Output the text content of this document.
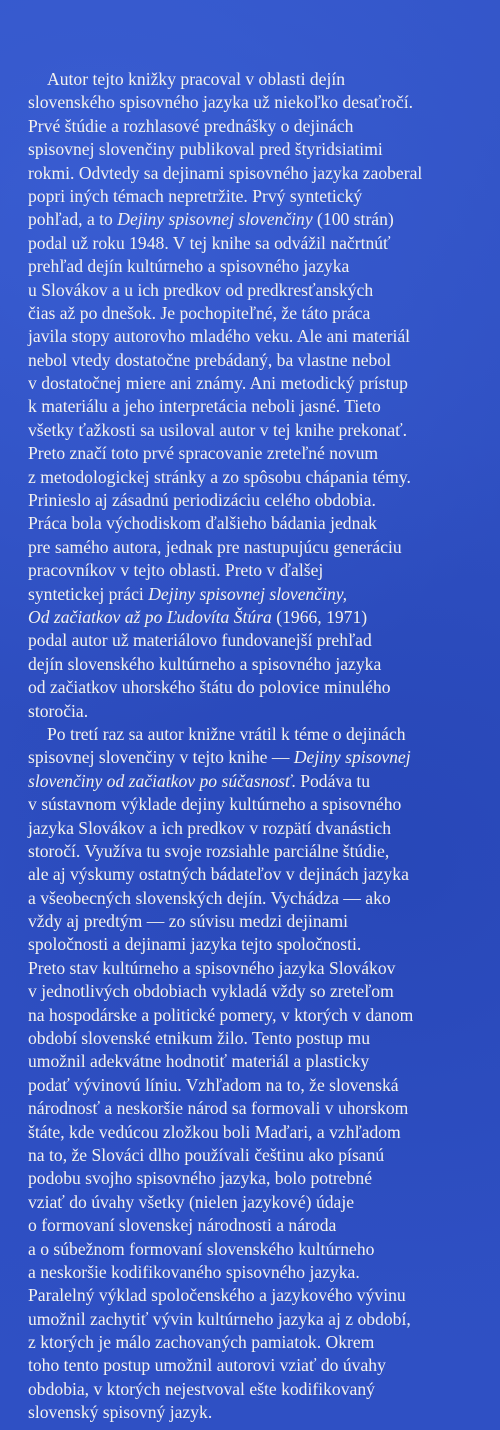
Autor tejto knižky pracoval v oblasti dejín
slovenského spisovného jazyka už niekoľko desaťročí.
Prvé štúdie a rozhlasové prednášky o dejinách
spisovnej slovenčiny publikoval pred štyridsiatimi
rokmi. Odvtedy sa dejinami spisovného jazyka zaoberal
popri iných témach nepretržite. Prvý syntetický
pohľad, a to Dejiny spisovnej slovenčiny (100 strán)
podal už roku 1948. V tej knihe sa odvážil načrtnúť
prehľad dejín kultúrneho a spisovného jazyka
u Slovákov a u ich predkov od predkresťanských
čias až po dnešok. Je pochopiteľné, že táto práca
javila stopy autorovho mladého veku. Ale ani materiál
nebol vtedy dostatočne prebádaný, ba vlastne nebol
v dostatočnej miere ani známy. Ani metodický prístup
k materiálu a jeho interpretácia neboli jasné. Tieto
všetky ťažkosti sa usiloval autor v tej knihe prekonať.
Preto značí toto prvé spracovanie zreteľné novum
z metodologickej stránky a zo spôsobu chápania témy.
Prinieslo aj zásadnú periodizáciu celého obdobia.
Práca bola východiskom ďalšieho bádania jednak
pre samého autora, jednak pre nastupujúcu generáciu
pracovníkov v tejto oblasti. Preto v ďalšej
syntetickej práci Dejiny spisovnej slovenčiny,
Od začiatkov až po Ľudovíta Štúra (1966, 1971)
podal autor už materiálovo fundovanejší prehľad
dejín slovenského kultúrneho a spisovného jazyka
od začiatkov uhorského štátu do polovice minulého
storočia.
Po tretí raz sa autor knižne vrátil k téme o dejinách
spisovnej slovenčiny v tejto knihe — Dejiny spisovnej
slovenčiny od začiatkov po súčasnosť. Podáva tu
v sústavnom výklade dejiny kultúrneho a spisovného
jazyka Slovákov a ich predkov v rozpätí dvanástich
storočí. Využíva tu svoje rozsiahle parciálne štúdie,
ale aj výskumy ostatných bádateľov v dejinách jazyka
a všeobecných slovenských dejín. Vychádza — ako
vždy aj predtým — zo súvisu medzi dejinami
spoločnosti a dejinami jazyka tejto spoločnosti.
Preto stav kultúrneho a spisovného jazyka Slovákov
v jednotlivých obdobiach vykladá vždy so zreteľom
na hospodárske a politické pomery, v ktorých v danom
období slovenské etnikum žilo. Tento postup mu
umožnil adekvátne hodnotiť materiál a plasticky
podať vývinovú líniu. Vzhľadom na to, že slovenská
národnosť a neskoršie národ sa formovali v uhorskom
štáte, kde vedúcou zložkou boli Maďari, a vzhľadom
na to, že Slováci dlho používali češtinu ako písanú
podobu svojho spisovného jazyka, bolo potrebné
vziať do úvahy všetky (nielen jazykové) údaje
o formovaní slovenskej národnosti a národa
a o súbežnom formovaní slovenského kultúrneho
a neskoršie kodifikovaného spisovného jazyka.
Paralelný výklad spoločenského a jazykového vývinu
umožnil zachytiť vývin kultúrneho jazyka aj z období,
z ktorých je málo zachovaných pamiatok. Okrem
toho tento postup umožnil autorovi vziať do úvahy
obdobia, v ktorých nejestvoval ešte kodifikovaný
slovenský spisovný jazyk.
